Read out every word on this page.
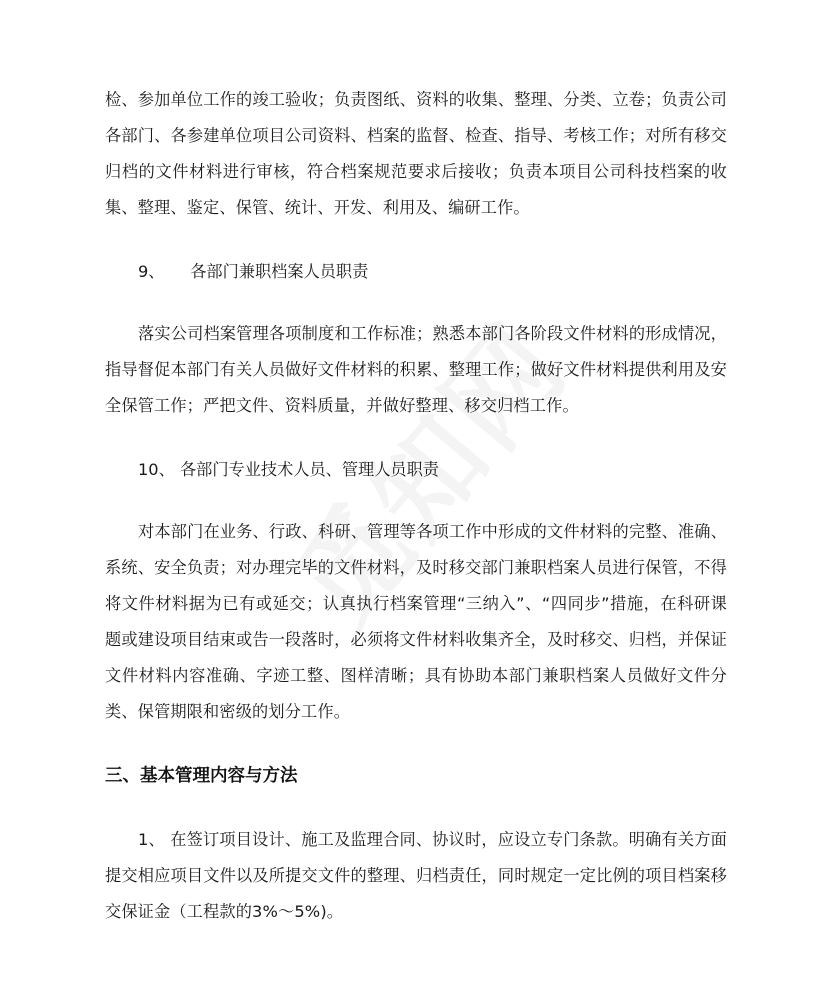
检、参加单位工作的竣工验收；负责图纸、资料的收集、整理、分类、立卷；负责公司各部门、各参建单位项目公司资料、档案的监督、检查、指导、考核工作；对所有移交归档的文件材料进行审核，符合档案规范要求后接收；负责本项目公司科技档案的收集、整理、鉴定、保管、统计、开发、利用及、编研工作。

9、 各部门兼职档案人员职责

落实公司档案管理各项制度和工作标准；熟悉本部门各阶段文件材料的形成情况，指导督促本部门有关人员做好文件材料的积累、整理工作；做好文件材料提供利用及安全保管工作；严把文件、资料质量，并做好整理、移交归档工作。

10、 各部门专业技术人员、管理人员职责

对本部门在业务、行政、科研、管理等各项工作中形成的文件材料的完整、准确、系统、安全负责；对办理完毕的文件材料，及时移交部门兼职档案人员进行保管，不得将文件材料据为已有或延交；认真执行档案管理“三纳入”、“四同步”措施，在科研课题或建设项目结束或告一段落时，必须将文件材料收集齐全，及时移交、归档，并保证文件材料内容准确、字迹工整、图样清晰；具有协助本部门兼职档案人员做好文件分类、保管期限和密级的划分工作。

三、基本管理内容与方法

1、 在签订项目设计、施工及监理合同、协议时，应设立专门条款。明确有关方面提交相应项目文件以及所提交文件的整理、归档责任，同时规定一定比例的项目档案移交保证金（工程款的3%～5%)。
